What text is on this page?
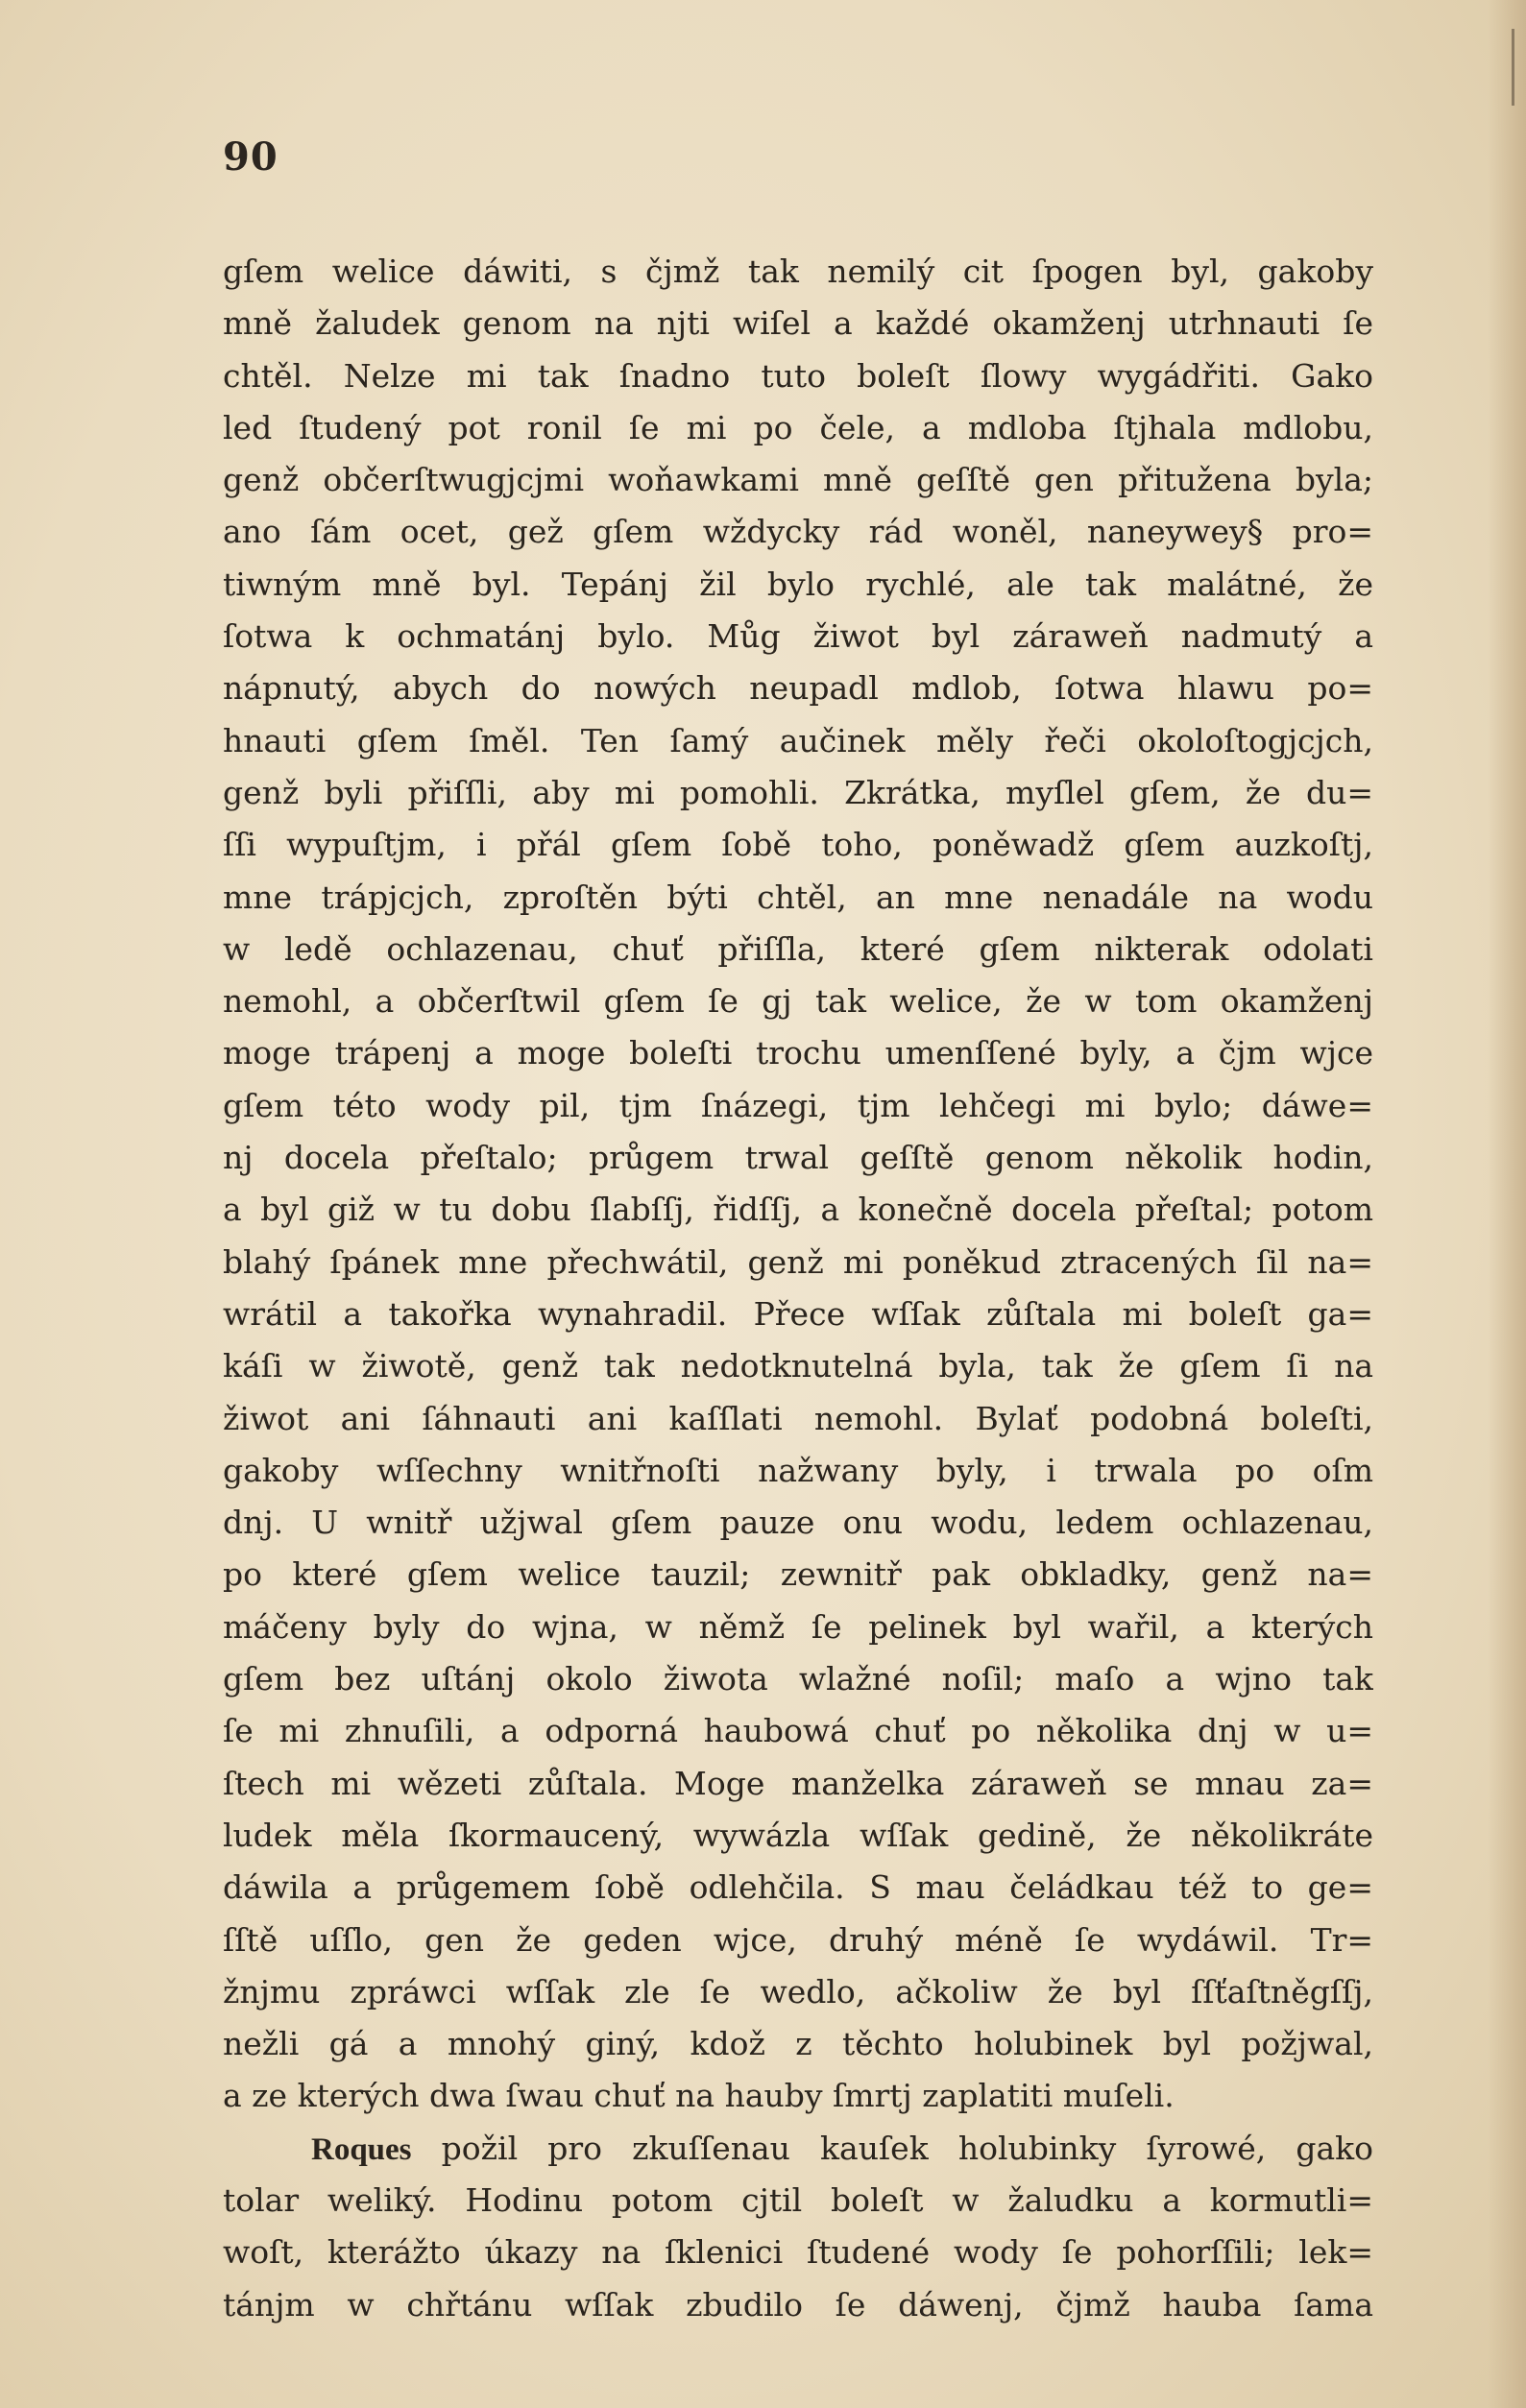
90
gſem welice dáwiti, s čjmž tak nemilý cit ſpogen byl, gakoby
mně žaludek genom na njti wiſel a každé okamženj utrhnauti ſe
chtěl. Nelze mi tak ſnadno tuto boleſt ſlowy wygádřiti. Gako
led ſtudený pot ronil ſe mi po čele, a mdloba ſtjhala mdlobu,
genž občerſtwugjcjmi woňawkami mně geſſtě gen přitužena byla;
ano ſám ocet, gež gſem wždycky rád woněl, naneywey§ pro=
tiwným mně byl. Tepánj žil bylo rychlé, ale tak malátné, že
ſotwa k ochmatánj bylo. Můg žiwot byl záraweň nadmutý a
nápnutý, abych do nowých neupadl mdlob, ſotwa hlawu po=
hnauti gſem ſměl. Ten ſamý aučinek měly řeči okoloſtogjcjch,
genž byli přiſſli, aby mi pomohli. Zkrátka, myſlel gſem, že du=
ſſi wypuſtjm, i přál gſem ſobě toho, poněwadž gſem auzkoſtj,
mne trápjcjch, zproſtěn býti chtěl, an mne nenadále na wodu
w ledě ochlazenau, chuť přiſſla, které gſem nikterak odolati
nemohl, a občerſtwil gſem ſe gj tak welice, že w tom okamženj
moge trápenj a moge boleſti trochu umenſſené byly, a čjm wjce
gſem této wody pil, tjm ſnázegi, tjm lehčegi mi bylo; dáwe=
nj docela přeſtalo; průgem trwal geſſtě genom několik hodin,
a byl giž w tu dobu ſlabſſj, řidſſj, a konečně docela přeſtal; potom
blahý ſpánek mne přechwátil, genž mi poněkud ztracených ſil na=
wrátil a takořka wynahradil. Přece wſſak zůſtala mi boleſt ga=
káſi w žiwotě, genž tak nedotknutelná byla, tak že gſem ſi na
žiwot ani ſáhnauti ani kaſſlati nemohl. Bylať podobná boleſti,
gakoby wſſechny wnitřnoſti nažwany byly, i trwala po oſm
dnj. U wnitř užjwal gſem pauze onu wodu, ledem ochlazenau,
po které gſem welice tauzil; zewnitř pak obkladky, genž na=
máčeny byly do wjna, w němž ſe pelinek byl wařil, a kterých
gſem bez uſtánj okolo žiwota wlažné noſil; maſo a wjno tak
ſe mi zhnuſili, a odporná haubowá chuť po několika dnj w u=
ſtech mi wězeti zůſtala. Moge manželka záraweň se mnau za=
ludek měla ſkormaucený, wywázla wſſak gedině, že několikráte
dáwila a průgemem ſobě odlehčila. S mau čeládkau též to ge=
ſſtě uſſlo, gen že geden wjce, druhý méně ſe wydáwil. Tr=
žnjmu zpráwci wſſak zle ſe wedlo, ačkoliw že byl ſſťaſtněgſſj,
nežli gá a mnohý giný, kdož z těchto holubinek byl požjwal,
a ze kterých dwa ſwau chuť na hauby ſmrtj zaplatiti muſeli.
Roques požil pro zkuſſenau kauſek holubinky ſyrowé, gako
tolar weliký. Hodinu potom cjtil boleſt w žaludku a kormutli=
woſt, kterážto úkazy na ſklenici ſtudené wody ſe pohorſſili; lek=
tánjm w chřtánu wſſak zbudilo ſe dáwenj, čjmž hauba ſama
